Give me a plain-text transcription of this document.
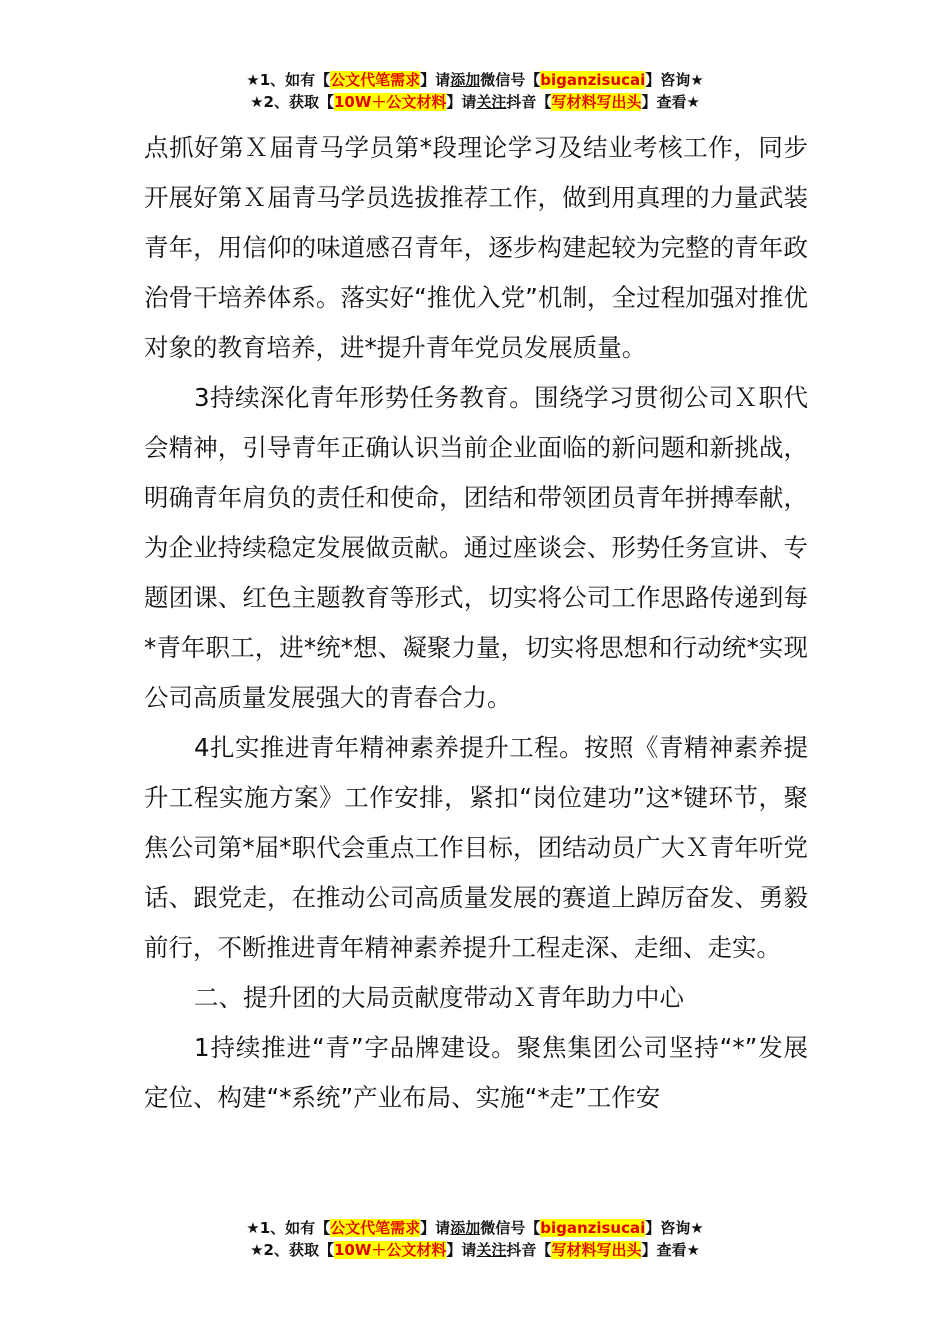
★1、如有【公文代笔需求】请添加微信号【biganzisucai】咨询★
★2、获取【10W＋公文材料】请关注抖音【写材料写出头】查看★

点抓好第Ｘ届青马学员第*段理论学习及结业考核工作，同步开展好第Ｘ届青马学员选拔推荐工作，做到用真理的力量武装青年，用信仰的味道感召青年，逐步构建起较为完整的青年政治骨干培养体系。落实好“推优入党”机制，全过程加强对推优对象的教育培养，进*提升青年党员发展质量。

3持续深化青年形势任务教育。围绕学习贯彻公司Ｘ职代会精神，引导青年正确认识当前企业面临的新问题和新挑战，明确青年肩负的责任和使命，团结和带领团员青年拼搏奉献，为企业持续稳定发展做贡献。通过座谈会、形势任务宣讲、专题团课、红色主题教育等形式，切实将公司工作思路传递到每*青年职工，进*统*想、凝聚力量，切实将思想和行动统*实现公司高质量发展强大的青春合力。

4扎实推进青年精神素养提升工程。按照《青精神素养提升工程实施方案》工作安排，紧扣“岗位建功”这*键环节，聚焦公司第*届*职代会重点工作目标，团结动员广大Ｘ青年听党话、跟党走，在推动公司高质量发展的赛道上踔厉奋发、勇毅前行，不断推进青年精神素养提升工程走深、走细、走实。

二、提升团的大局贡献度带动Ｘ青年助力中心

1持续推进“青”字品牌建设。聚焦集团公司坚持“*”发展定位、构建“*系统”产业布局、实施“*走”工作安

★1、如有【公文代笔需求】请添加微信号【biganzisucai】咨询★
★2、获取【10W＋公文材料】请关注抖音【写材料写出头】查看★
